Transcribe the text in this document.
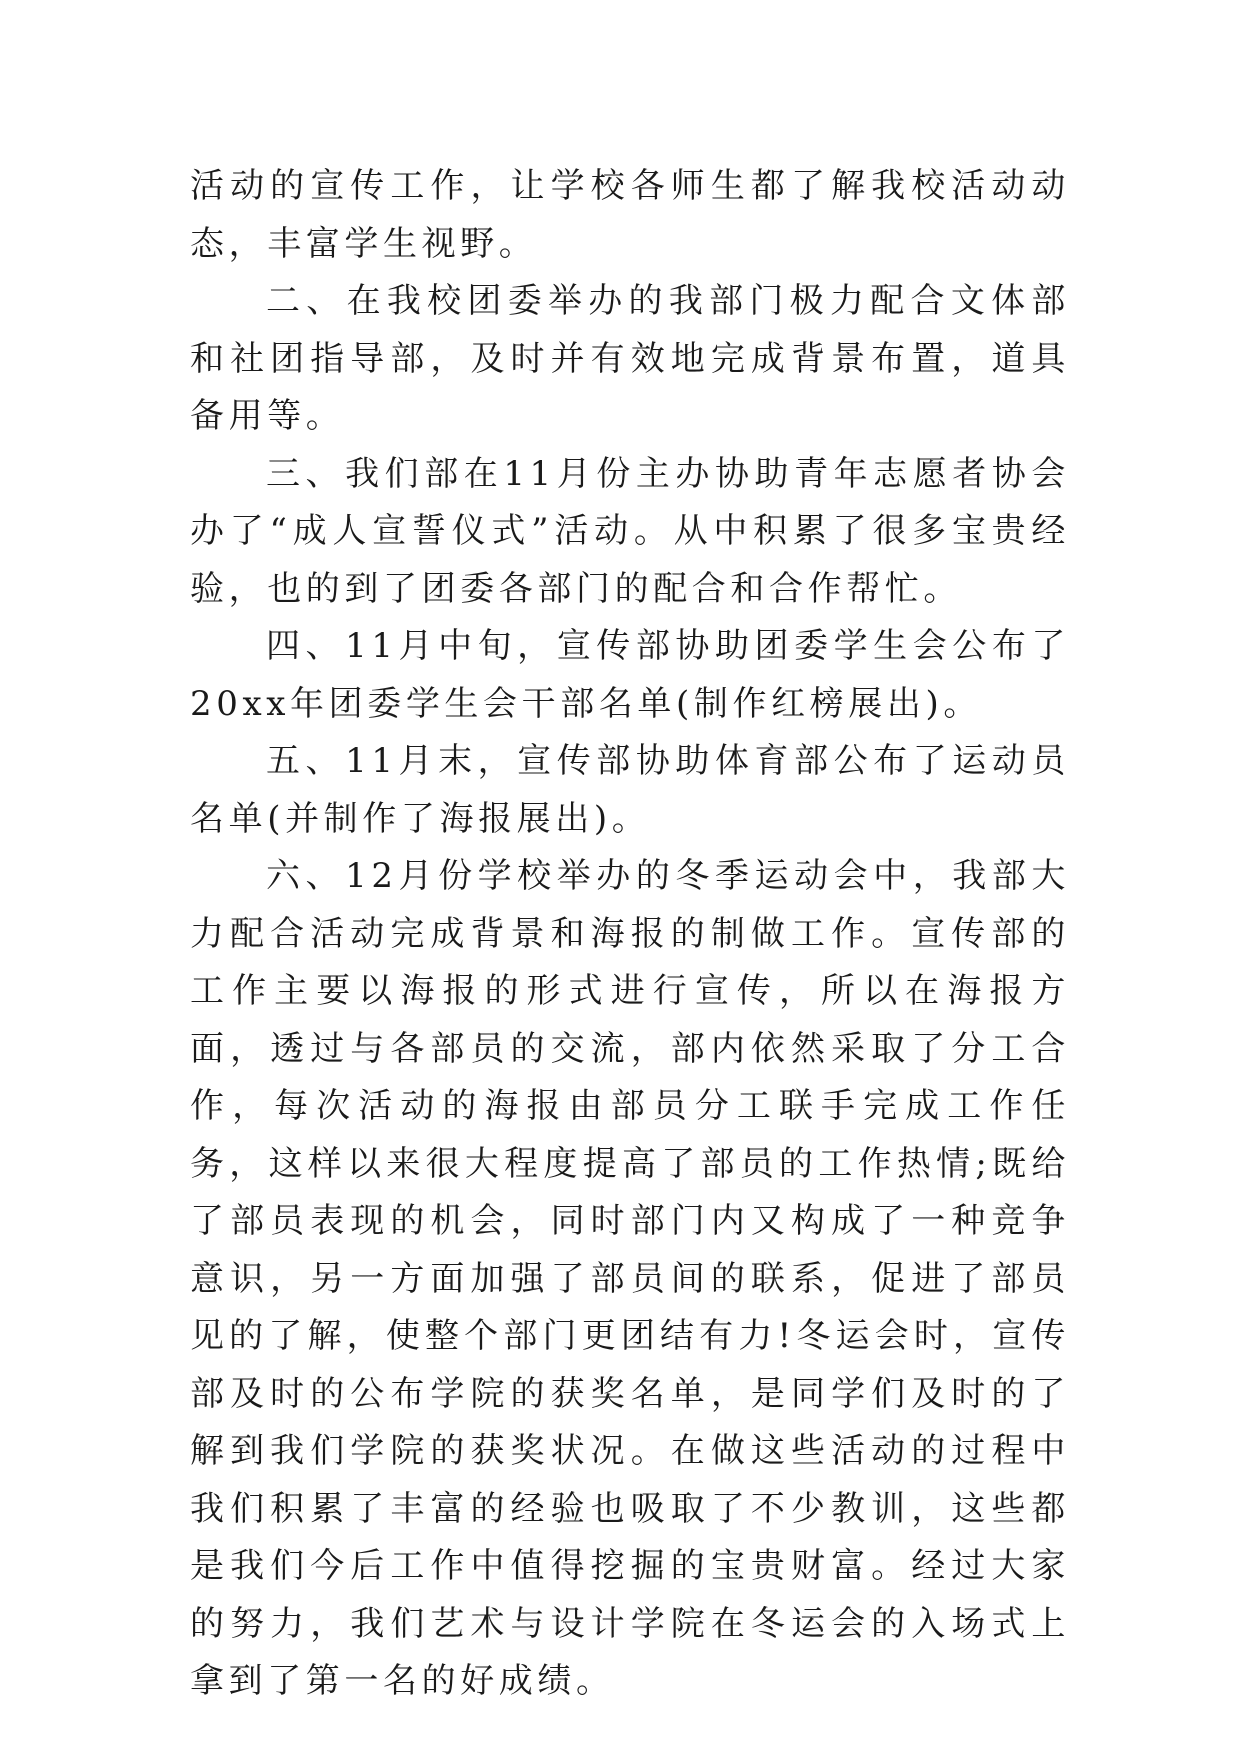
活动的宣传工作，让学校各师生都了解我校活动动态，丰富学生视野。

二、在我校团委举办的我部门极力配合文体部和社团指导部，及时并有效地完成背景布置，道具备用等。

三、我们部在11月份主办协助青年志愿者协会办了“成人宣誓仪式”活动。从中积累了很多宝贵经验，也的到了团委各部门的配合和合作帮忙。

四、11月中旬，宣传部协助团委学生会公布了20xx年团委学生会干部名单(制作红榜展出)。

五、11月末，宣传部协助体育部公布了运动员名单(并制作了海报展出)。

六、12月份学校举办的冬季运动会中，我部大力配合活动完成背景和海报的制做工作。宣传部的工作主要以海报的形式进行宣传，所以在海报方面，透过与各部员的交流，部内依然采取了分工合作，每次活动的海报由部员分工联手完成工作任务，这样以来很大程度提高了部员的工作热情;既给了部员表现的机会，同时部门内又构成了一种竞争意识，另一方面加强了部员间的联系，促进了部员见的了解，使整个部门更团结有力!冬运会时，宣传部及时的公布学院的获奖名单，是同学们及时的了解到我们学院的获奖状况。在做这些活动的过程中我们积累了丰富的经验也吸取了不少教训，这些都是我们今后工作中值得挖掘的宝贵财富。经过大家的努力，我们艺术与设计学院在冬运会的入场式上拿到了第一名的好成绩。
